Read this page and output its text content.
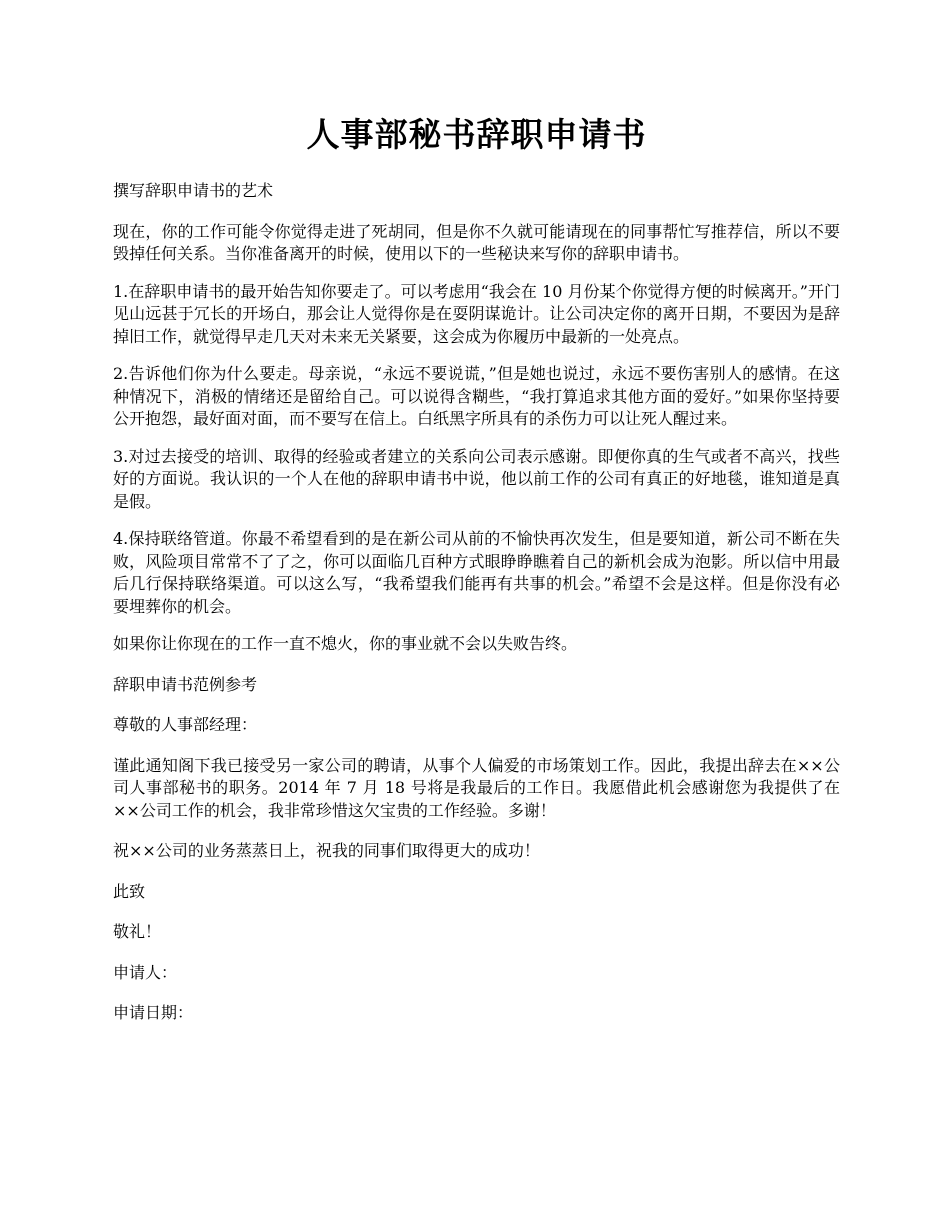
人事部秘书辞职申请书

撰写辞职申请书的艺术

现在，你的工作可能令你觉得走进了死胡同，但是你不久就可能请现在的同事帮忙写推荐信，所以不要毁掉任何关系。当你准备离开的时候，使用以下的一些秘诀来写你的辞职申请书。

1.在辞职申请书的最开始告知你要走了。可以考虑用“我会在 10 月份某个你觉得方便的时候离开。”开门见山远甚于冗长的开场白，那会让人觉得你是在耍阴谋诡计。让公司决定你的离开日期，不要因为是辞掉旧工作，就觉得早走几天对未来无关紧要，这会成为你履历中最新的一处亮点。

2.告诉他们你为什么要走。母亲说，“永远不要说谎，”但是她也说过，永远不要伤害别人的感情。在这种情况下，消极的情绪还是留给自己。可以说得含糊些，“我打算追求其他方面的爱好。”如果你坚持要公开抱怨，最好面对面，而不要写在信上。白纸黑字所具有的杀伤力可以让死人醒过来。

3.对过去接受的培训、取得的经验或者建立的关系向公司表示感谢。即便你真的生气或者不高兴，找些好的方面说。我认识的一个人在他的辞职申请书中说，他以前工作的公司有真正的好地毯，谁知道是真是假。

4.保持联络管道。你最不希望看到的是在新公司从前的不愉快再次发生，但是要知道，新公司不断在失败，风险项目常常不了了之，你可以面临几百种方式眼睁睁瞧着自己的新机会成为泡影。所以信中用最后几行保持联络渠道。可以这么写，“我希望我们能再有共事的机会。”希望不会是这样。但是你没有必要埋葬你的机会。

如果你让你现在的工作一直不熄火，你的事业就不会以失败告终。

辞职申请书范例参考

尊敬的人事部经理：

谨此通知阁下我已接受另一家公司的聘请，从事个人偏爱的市场策划工作。因此，我提出辞去在××公司人事部秘书的职务。2014 年 7 月 18 号将是我最后的工作日。我愿借此机会感谢您为我提供了在××公司工作的机会，我非常珍惜这欠宝贵的工作经验。多谢！

祝××公司的业务蒸蒸日上，祝我的同事们取得更大的成功！

此致

敬礼！

申请人：

申请日期：
